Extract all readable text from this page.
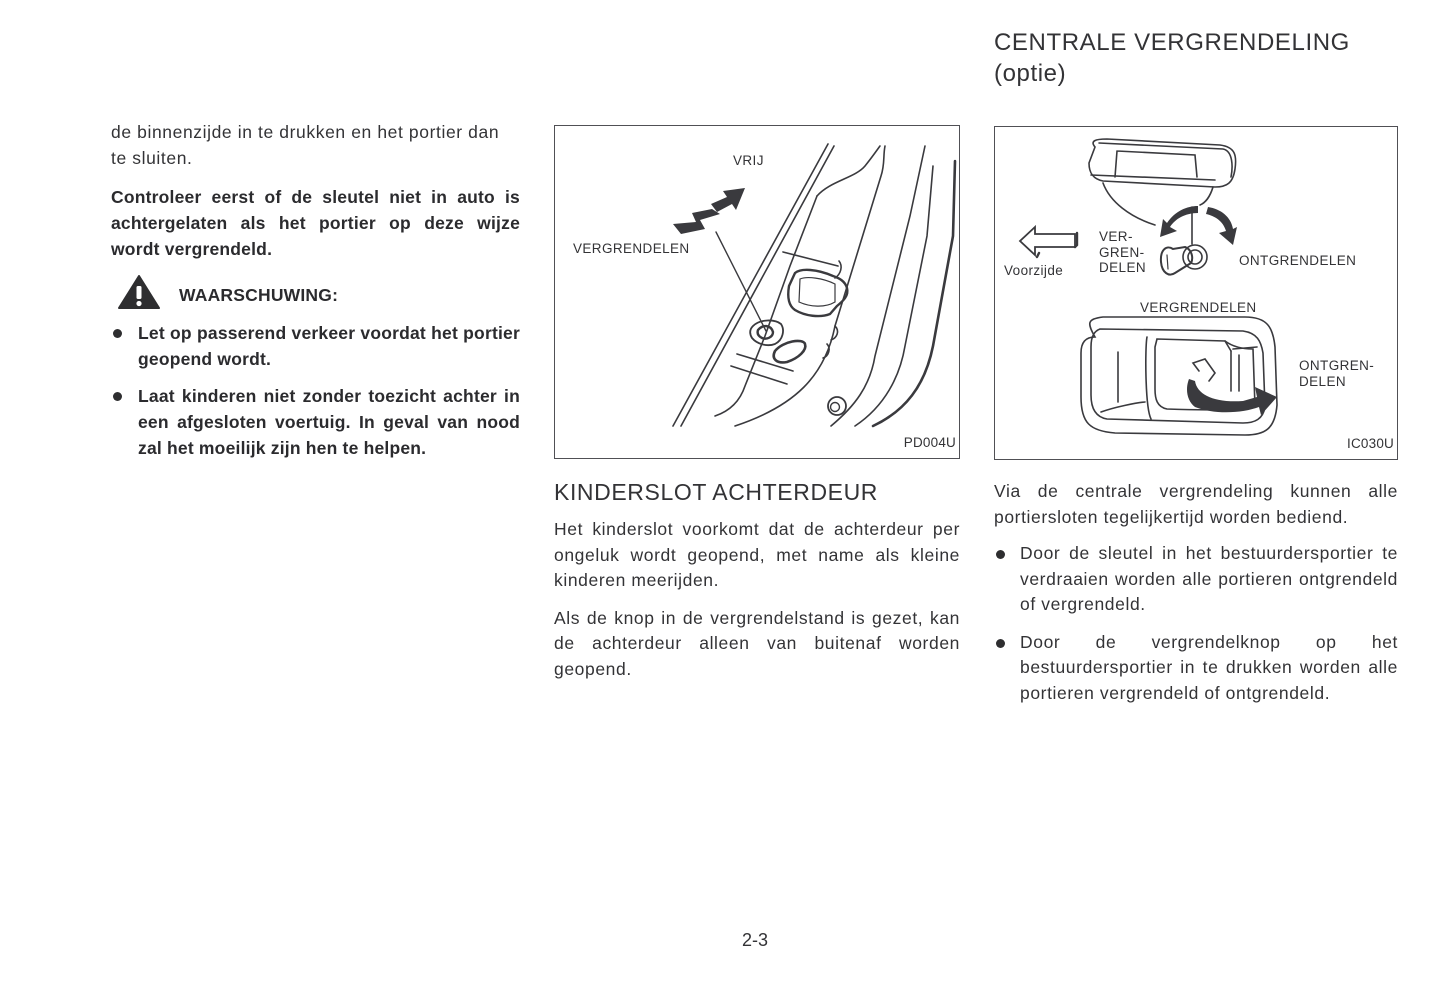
de binnenzijde in te drukken en het portier dan te sluiten.

Controleer eerst of de sleutel niet in auto is achtergelaten als het portier op deze wijze wordt vergrendeld.

WAARSCHUWING:
Let op passerend verkeer voordat het portier geopend wordt.
Laat kinderen niet zonder toezicht achter in een afgesloten voertuig. In geval van nood zal het moeilijk zijn hen te helpen.
VRIJ
VERGRENDELEN
PD004U
KINDERSLOT ACHTERDEUR

Het kinderslot voorkomt dat de achterdeur per ongeluk wordt geopend, met name als kleine kinderen meerijden.

Als de knop in de vergrendelstand is gezet, kan de achterdeur alleen van buitenaf worden geopend.

CENTRALE VERGRENDELING
(optie)
Voorzijde
VER-
GREN-
DELEN	ONTGRENDELEN
VERGRENDELEN
ONTGREN-
DELEN
IC030U

Via de centrale vergrendeling kunnen alle portiersloten tegelijkertijd worden bediend.

Door de sleutel in het bestuurdersportier te verdraaien worden alle portieren ontgrendeld of vergrendeld.
Door de vergrendelknop op het bestuurdersportier in te drukken worden alle portieren vergrendeld of ontgrendeld.
2-3
